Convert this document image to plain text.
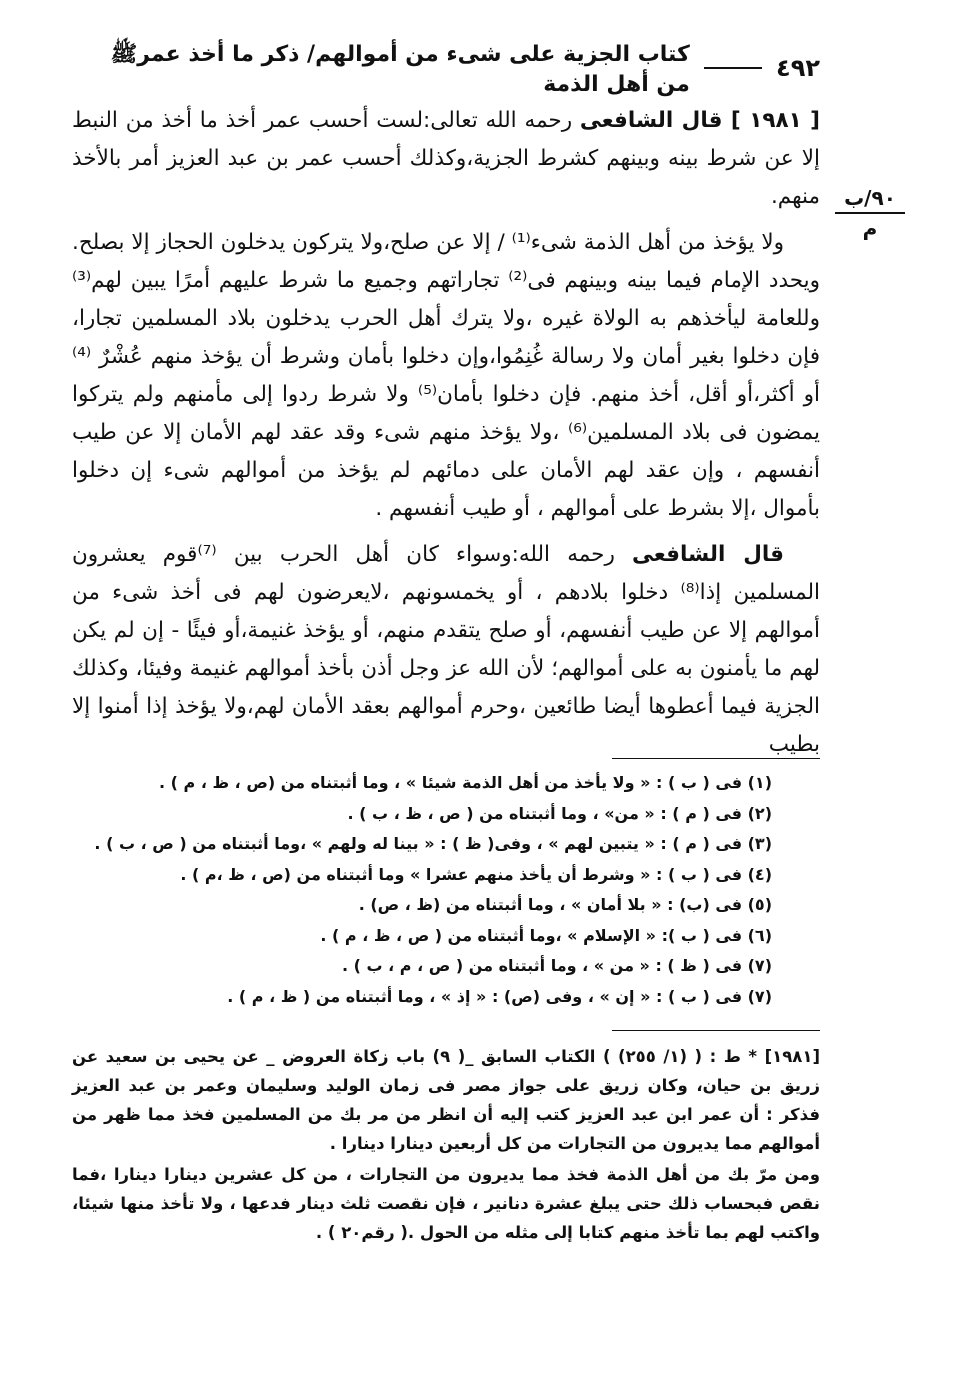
٤٩٢
كتاب الجزية على شىء من أموالهم/ ذكر ما أخذ عمرﷺ من أهل الذمة
٩٠/ب
م

[ ١٩٨١ ] قال الشافعى رحمه الله تعالى:لست أحسب عمر أخذ ما أخذ من النبط إلا عن شرط بينه وبينهم كشرط الجزية،وكذلك أحسب عمر بن عبد العزيز أمر بالأخذ منهم.

ولا يؤخذ من أهل الذمة شىء⁽¹⁾ / إلا عن صلح،ولا يتركون يدخلون الحجاز إلا بصلح. ويحدد الإمام فيما بينه وبينهم فى⁽²⁾ تجاراتهم وجميع ما شرط عليهم أمرًا يبين لهم⁽³⁾ وللعامة ليأخذهم به الولاة غيره ،ولا يترك أهل الحرب يدخلون بلاد المسلمين تجارا، فإن دخلوا بغير أمان ولا رسالة غُنِمُوا،وإن دخلوا بأمان وشرط أن يؤخذ منهم عُشْرٌ ⁽⁴⁾ أو أكثر،أو أقل، أخذ منهم. فإن دخلوا بأمان⁽⁵⁾ ولا شرط ردوا إلى مأمنهم ولم يتركوا يمضون فى بلاد المسلمين⁽⁶⁾ ،ولا يؤخذ منهم شىء وقد عقد لهم الأمان إلا عن طيب أنفسهم ، وإن عقد لهم الأمان على دمائهم لم يؤخذ من أموالهم شىء إن دخلوا بأموال ،إلا بشرط على أموالهم ، أو طيب أنفسهم .

قال الشافعى رحمه الله:وسواء كان أهل الحرب بين ⁽⁷⁾قوم يعشرون المسلمين إذا⁽⁸⁾ دخلوا بلادهم ، أو يخمسونهم ،لايعرضون لهم فى أخذ شىء من أموالهم إلا عن طيب أنفسهم، أو صلح يتقدم منهم، أو يؤخذ غنيمة،أو فيئًا - إن لم يكن لهم ما يأمنون به على أموالهم؛ لأن الله عز وجل أذن بأخذ أموالهم غنيمة وفيئا، وكذلك الجزية فيما أعطوها أيضا طائعين ،وحرم أموالهم بعقد الأمان لهم،ولا يؤخذ إذا أمنوا إلا بطيب

(١) فى ( ب ) : « ولا يأخذ من أهل الذمة شيئا » ، وما أثبتناه من (ص ، ظ ، م ) .
(٢) فى ( م ) : « من» ، وما أثبتناه من ( ص ، ظ ، ب ) .
(٣) فى ( م ) : « يتبين لهم » ، وفى( ظ ) : « بينا له ولهم » ،وما أثبتناه من ( ص ، ب ) .
(٤) فى ( ب ) : « وشرط أن يأخذ منهم عشرا » وما أثبتناه من (ص ، ظ ،م ) .
(٥) فى (ب) : « بلا أمان » ، وما أثبتناه من (ظ ، ص) .
(٦) فى ( ب ): « الإسلام » ،وما أثبتناه من ( ص ، ظ ، م ) .
(٧) فى ( ظ ) : « من » ، وما أثبتناه من ( ص ، م ، ب ) .
(٧) فى ( ب ) : « إن » ، وفى (ص) : « إذ » ، وما أثبتناه من ( ظ ، م ) .

[١٩٨١] * ط : ( (١/ ٢٥٥) ) الكتاب السابق _( ٩) باب زكاة العروض _ عن يحيى بن سعيد عن زريق بن حيان، وكان زريق على جواز مصر فى زمان الوليد وسليمان وعمر بن عبد العزيز فذكر : أن عمر ابن عبد العزيز كتب إليه أن انظر من مر بك من المسلمين فخذ مما ظهر من أموالهم مما يديرون من التجارات من كل أربعين دينارا دينارا .

ومن مرّ بك من أهل الذمة فخذ مما يديرون من التجارات ، من كل عشرين دينارا دينارا ،فما نقص فبحساب ذلك حتى يبلغ عشرة دنانير ، فإن نقصت ثلث دينار فدعها ، ولا تأخذ منها شيئا، واكتب لهم بما تأخذ منهم كتابا إلى مثله من الحول .( رقم٢٠ ) .
